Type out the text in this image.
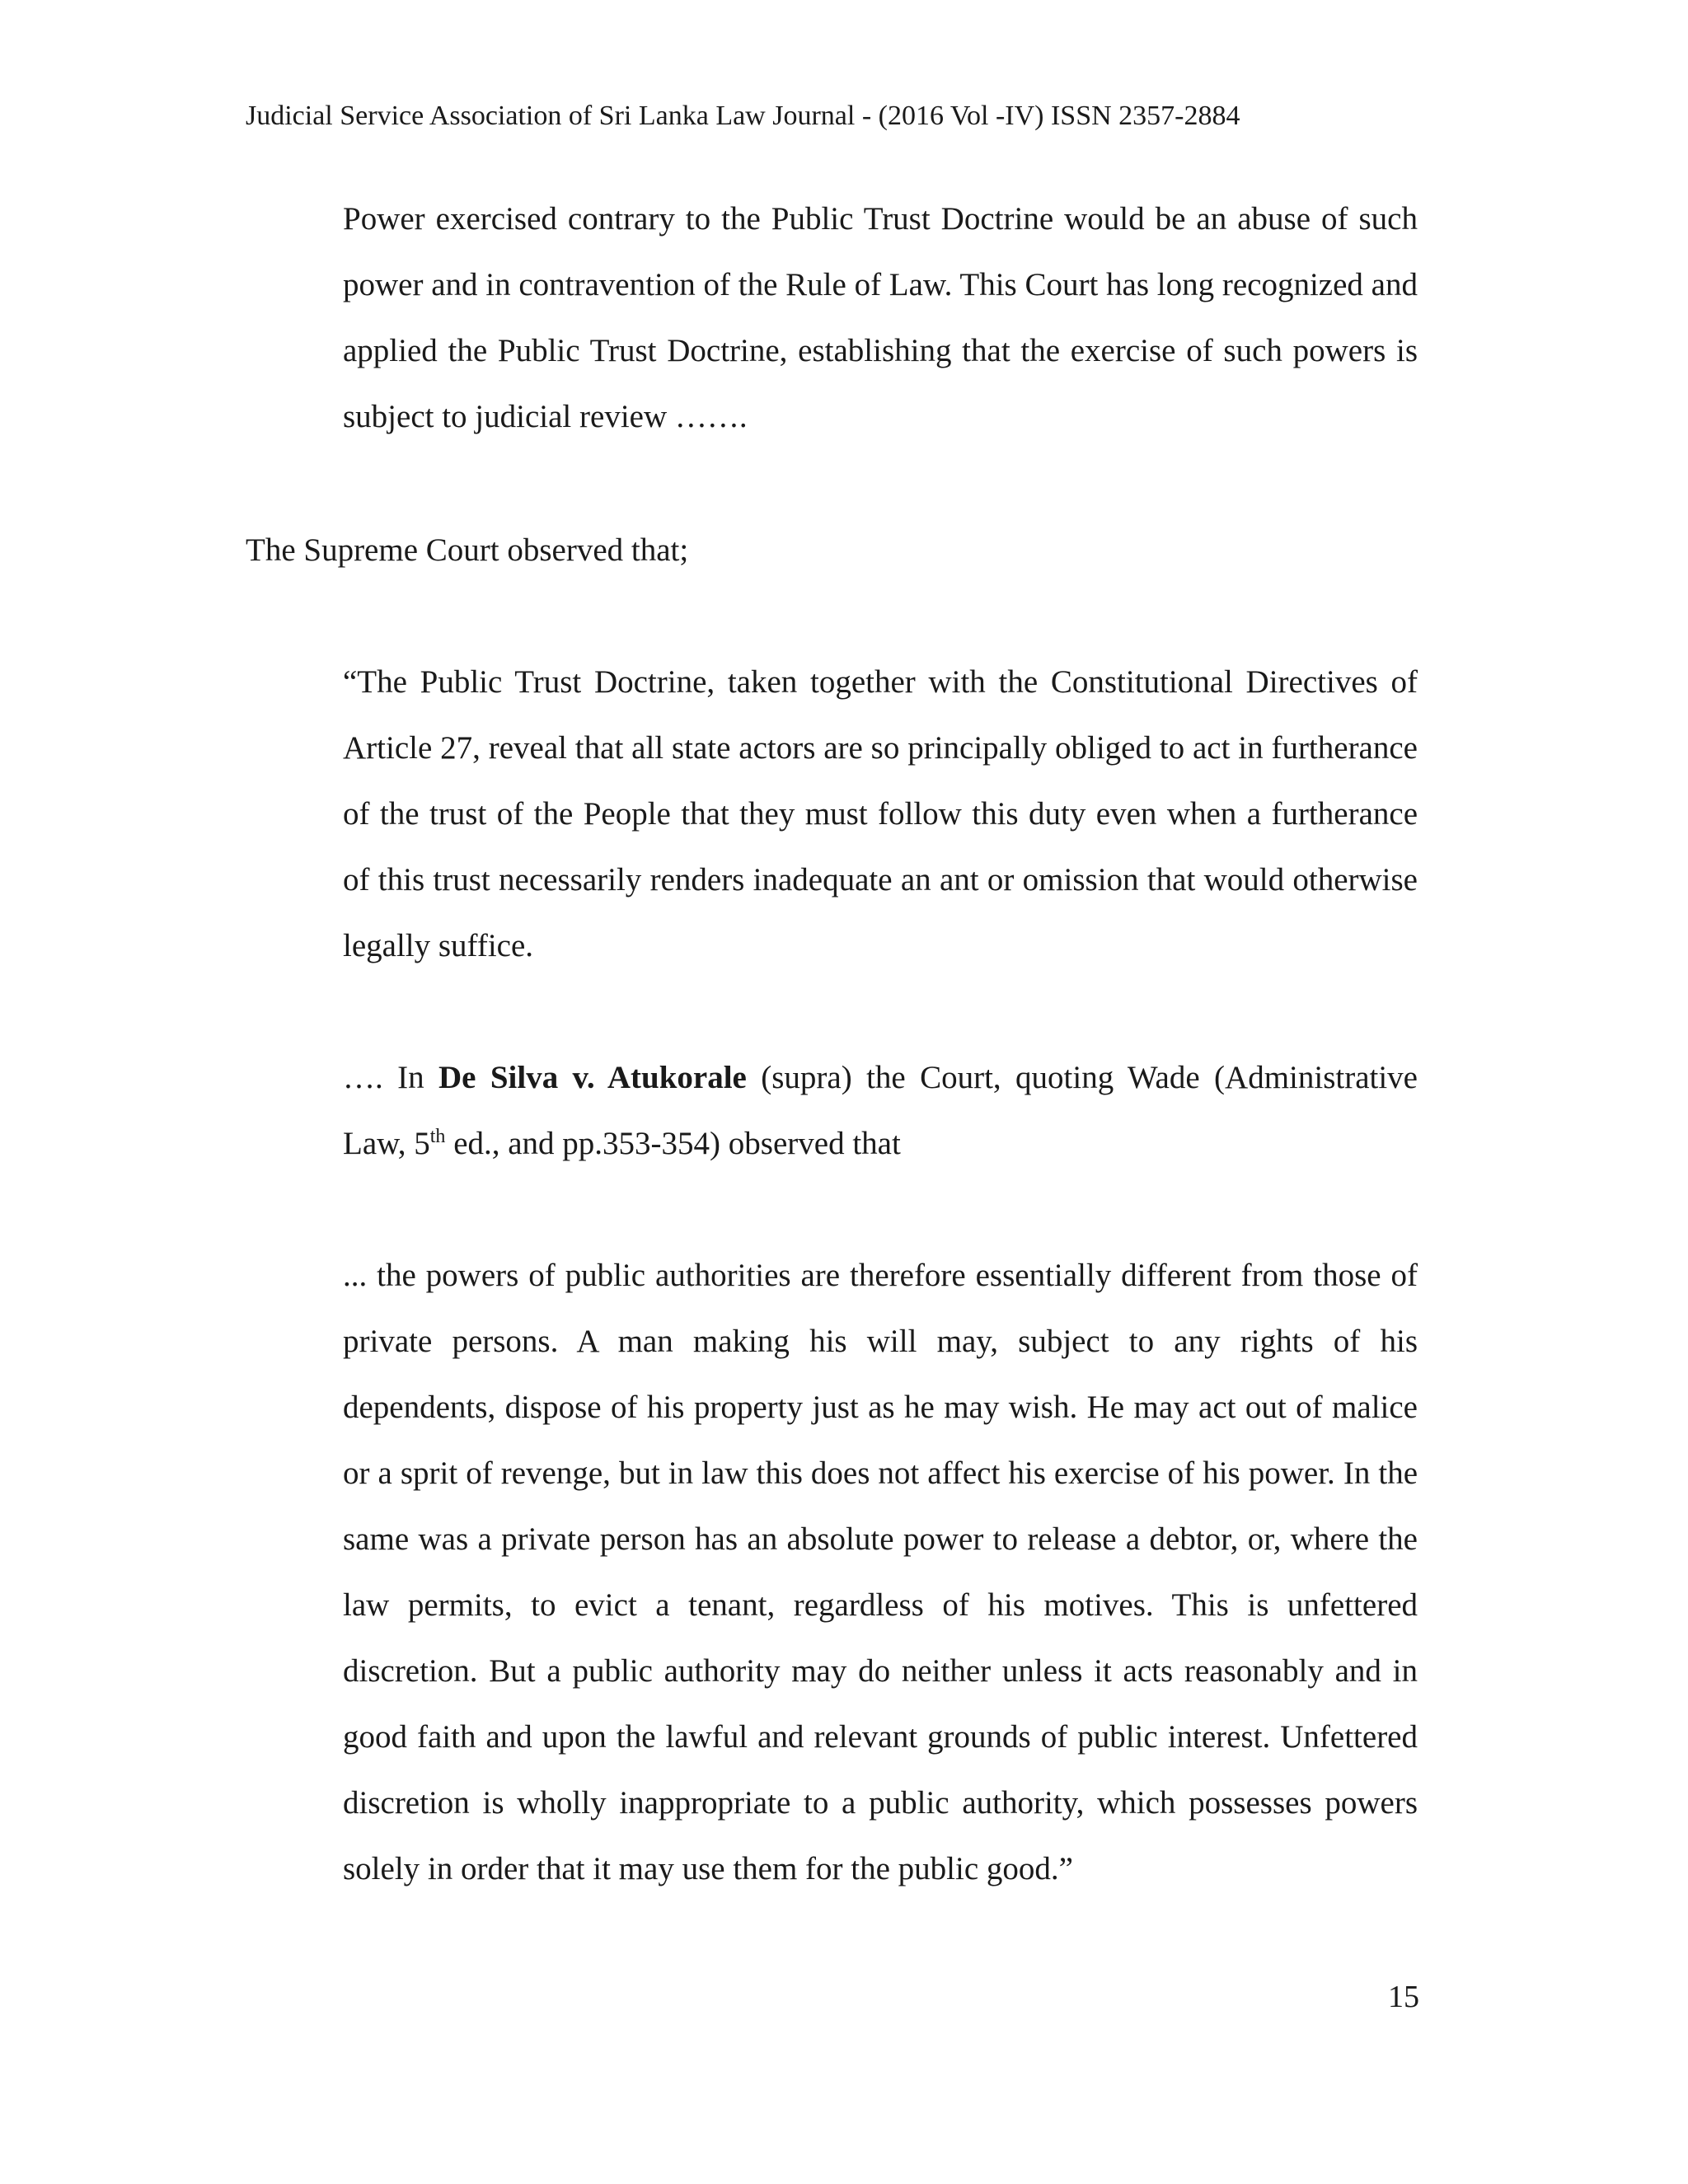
Judicial Service Association of Sri Lanka Law Journal - (2016 Vol -IV) ISSN 2357-2884

Power exercised contrary to the Public Trust Doctrine would be an abuse of such power and in contravention of the Rule of Law. This Court has long recognized and applied the Public Trust Doctrine, establishing that the exercise of such powers is subject to judicial review …….

The Supreme Court observed that;

“The Public Trust Doctrine, taken together with the Constitutional Directives of Article 27, reveal that all state actors are so principally obliged to act in furtherance of the trust of the People that they must follow this duty even when a furtherance of this trust necessarily renders inadequate an ant or omission that would otherwise legally suffice.

…. In De Silva v. Atukorale (supra) the Court, quoting Wade (Administrative Law, 5th ed., and pp.353-354) observed that

... the powers of public authorities are therefore essentially different from those of private persons. A man making his will may, subject to any rights of his dependents, dispose of his property just as he may wish. He may act out of malice or a sprit of revenge, but in law this does not affect his exercise of his power. In the same was a private person has an absolute power to release a debtor, or, where the law permits, to evict a tenant, regardless of his motives. This is unfettered discretion. But a public authority may do neither unless it acts reasonably and in good faith and upon the lawful and relevant grounds of public interest. Unfettered discretion is wholly inappropriate to a public authority, which possesses powers solely in order that it may use them for the public good.”

15
